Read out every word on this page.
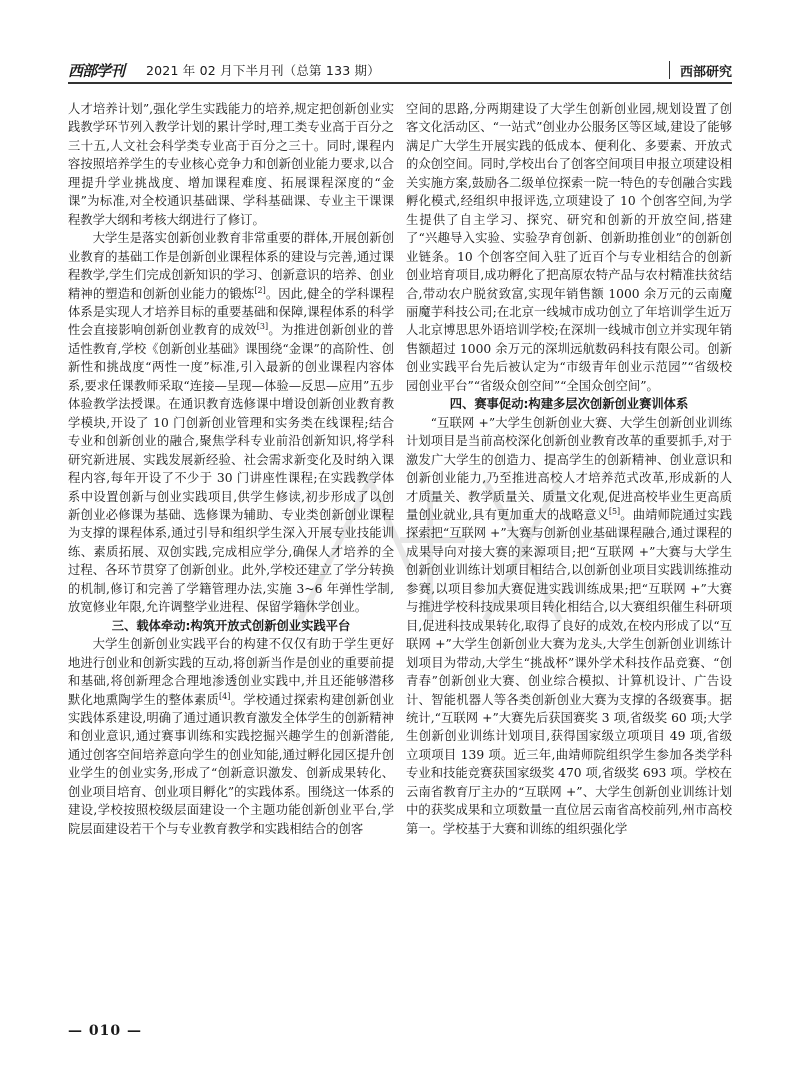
西部学刊 2021 年 02 月下半月刊（总第 133 期）	西部研究

人才培养计划”,强化学生实践能力的培养,规定把创新创业实践教学环节列入教学计划的累计学时,理工类专业高于百分之三十五,人文社会科学类专业高于百分之三十。同时,课程内容按照培养学生的专业核心竞争力和创新创业能力要求,以合理提升学业挑战度、增加课程难度、拓展课程深度的“金课”为标准,对全校通识基础课、学科基础课、专业主干课课程教学大纲和考核大纲进行了修订。

大学生是落实创新创业教育非常重要的群体,开展创新创业教育的基础工作是创新创业课程体系的建设与完善,通过课程教学,学生们完成创新知识的学习、创新意识的培养、创业精神的塑造和创新创业能力的锻炼[2]。因此,健全的学科课程体系是实现人才培养目标的重要基础和保障,课程体系的科学性会直接影响创新创业教育的成效[3]。为推进创新创业的普适性教育,学校《创新创业基础》课围绕“金课”的高阶性、创新性和挑战度“两性一度”标准,引入最新的创业课程内容体系,要求任课教师采取“连接—呈现—体验—反思—应用”五步体验教学法授课。在通识教育选修课中增设创新创业教育教学模块,开设了 10 门创新创业管理和实务类在线课程;结合专业和创新创业的融合,聚焦学科专业前沿创新知识,将学科研究新进展、实践发展新经验、社会需求新变化及时纳入课程内容,每年开设了不少于 30 门讲座性课程;在实践教学体系中设置创新与创业实践项目,供学生修读,初步形成了以创新创业必修课为基础、选修课为辅助、专业类创新创业课程为支撑的课程体系,通过引导和组织学生深入开展专业技能训练、素质拓展、双创实践,完成相应学分,确保人才培养的全过程、各环节贯穿了创新创业。此外,学校还建立了学分转换的机制,修订和完善了学籍管理办法,实施 3~6 年弹性学制,放宽修业年限,允许调整学业进程、保留学籍休学创业。

三、载体牵动:构筑开放式创新创业实践平台

大学生创新创业实践平台的构建不仅仅有助于学生更好地进行创业和创新实践的互动,将创新当作是创业的重要前提和基础,将创新理念合理地渗透创业实践中,并且还能够潜移默化地熏陶学生的整体素质[4]。学校通过探索构建创新创业实践体系建设,明确了通过通识教育激发全体学生的创新精神和创业意识,通过赛事训练和实践挖掘兴趣学生的创新潜能,通过创客空间培养意向学生的创业知能,通过孵化园区提升创业学生的创业实务,形成了“创新意识激发、创新成果转化、创业项目培育、创业项目孵化”的实践体系。围绕这一体系的建设,学校按照校级层面建设一个主题功能创新创业平台,学院层面建设若干个与专业教育教学和实践相结合的创客

空间的思路,分两期建设了大学生创新创业园,规划设置了创客文化活动区、“一站式”创业办公服务区等区域,建设了能够满足广大学生开展实践的低成本、便利化、多要素、开放式的众创空间。同时,学校出台了创客空间项目申报立项建设相关实施方案,鼓励各二级单位探索一院一特色的专创融合实践孵化模式,经组织申报评选,立项建设了 10 个创客空间,为学生提供了自主学习、探究、研究和创新的开放空间,搭建了“兴趣导入实验、实验孕育创新、创新助推创业”的创新创业链条。10 个创客空间入驻了近百个与专业相结合的创新创业培育项目,成功孵化了把高原农特产品与农村精准扶贫结合,带动农户脱贫致富,实现年销售额 1000 余万元的云南魔丽魔芋科技公司;在北京一线城市成功创立了年培训学生近万人北京博思思外语培训学校;在深圳一线城市创立并实现年销售额超过 1000 余万元的深圳远航数码科技有限公司。创新创业实践平台先后被认定为“市级青年创业示范园”“省级校园创业平台”“省级众创空间”“全国众创空间”。

四、赛事促动:构建多层次创新创业赛训体系

“互联网 +”大学生创新创业大赛、大学生创新创业训练计划项目是当前高校深化创新创业教育改革的重要抓手,对于激发广大学生的创造力、提高学生的创新精神、创业意识和创新创业能力,乃至推进高校人才培养范式改革,形成新的人才质量关、教学质量关、质量文化观,促进高校毕业生更高质量创业就业,具有更加重大的战略意义[5]。曲靖师院通过实践探索把“互联网 +”大赛与创新创业基础课程融合,通过课程的成果导向对接大赛的来源项目;把“互联网 +”大赛与大学生创新创业训练计划项目相结合,以创新创业项目实践训练推动参赛,以项目参加大赛促进实践训练成果;把“互联网 +”大赛与推进学校科技成果项目转化相结合,以大赛组织催生科研项目,促进科技成果转化,取得了良好的成效,在校内形成了以“互联网 +”大学生创新创业大赛为龙头,大学生创新创业训练计划项目为带动,大学生“挑战杯”课外学术科技作品竞赛、“创青春”创新创业大赛、创业综合模拟、计算机设计、广告设计、智能机器人等各类创新创业大赛为支撑的各级赛事。据统计,“互联网 +”大赛先后获国赛奖 3 项,省级奖 60 项;大学生创新创业训练计划项目,获得国家级立项项目 49 项,省级立项项目 139 项。近三年,曲靖师院组织学生参加各类学科专业和技能竞赛获国家级奖 470 项,省级奖 693 项。学校在云南省教育厅主办的“互联网 +”、大学生创新创业训练计划中的获奖成果和立项数量一直位居云南省高校前列,州市高校第一。学校基于大赛和训练的组织强化学

— 010 —
